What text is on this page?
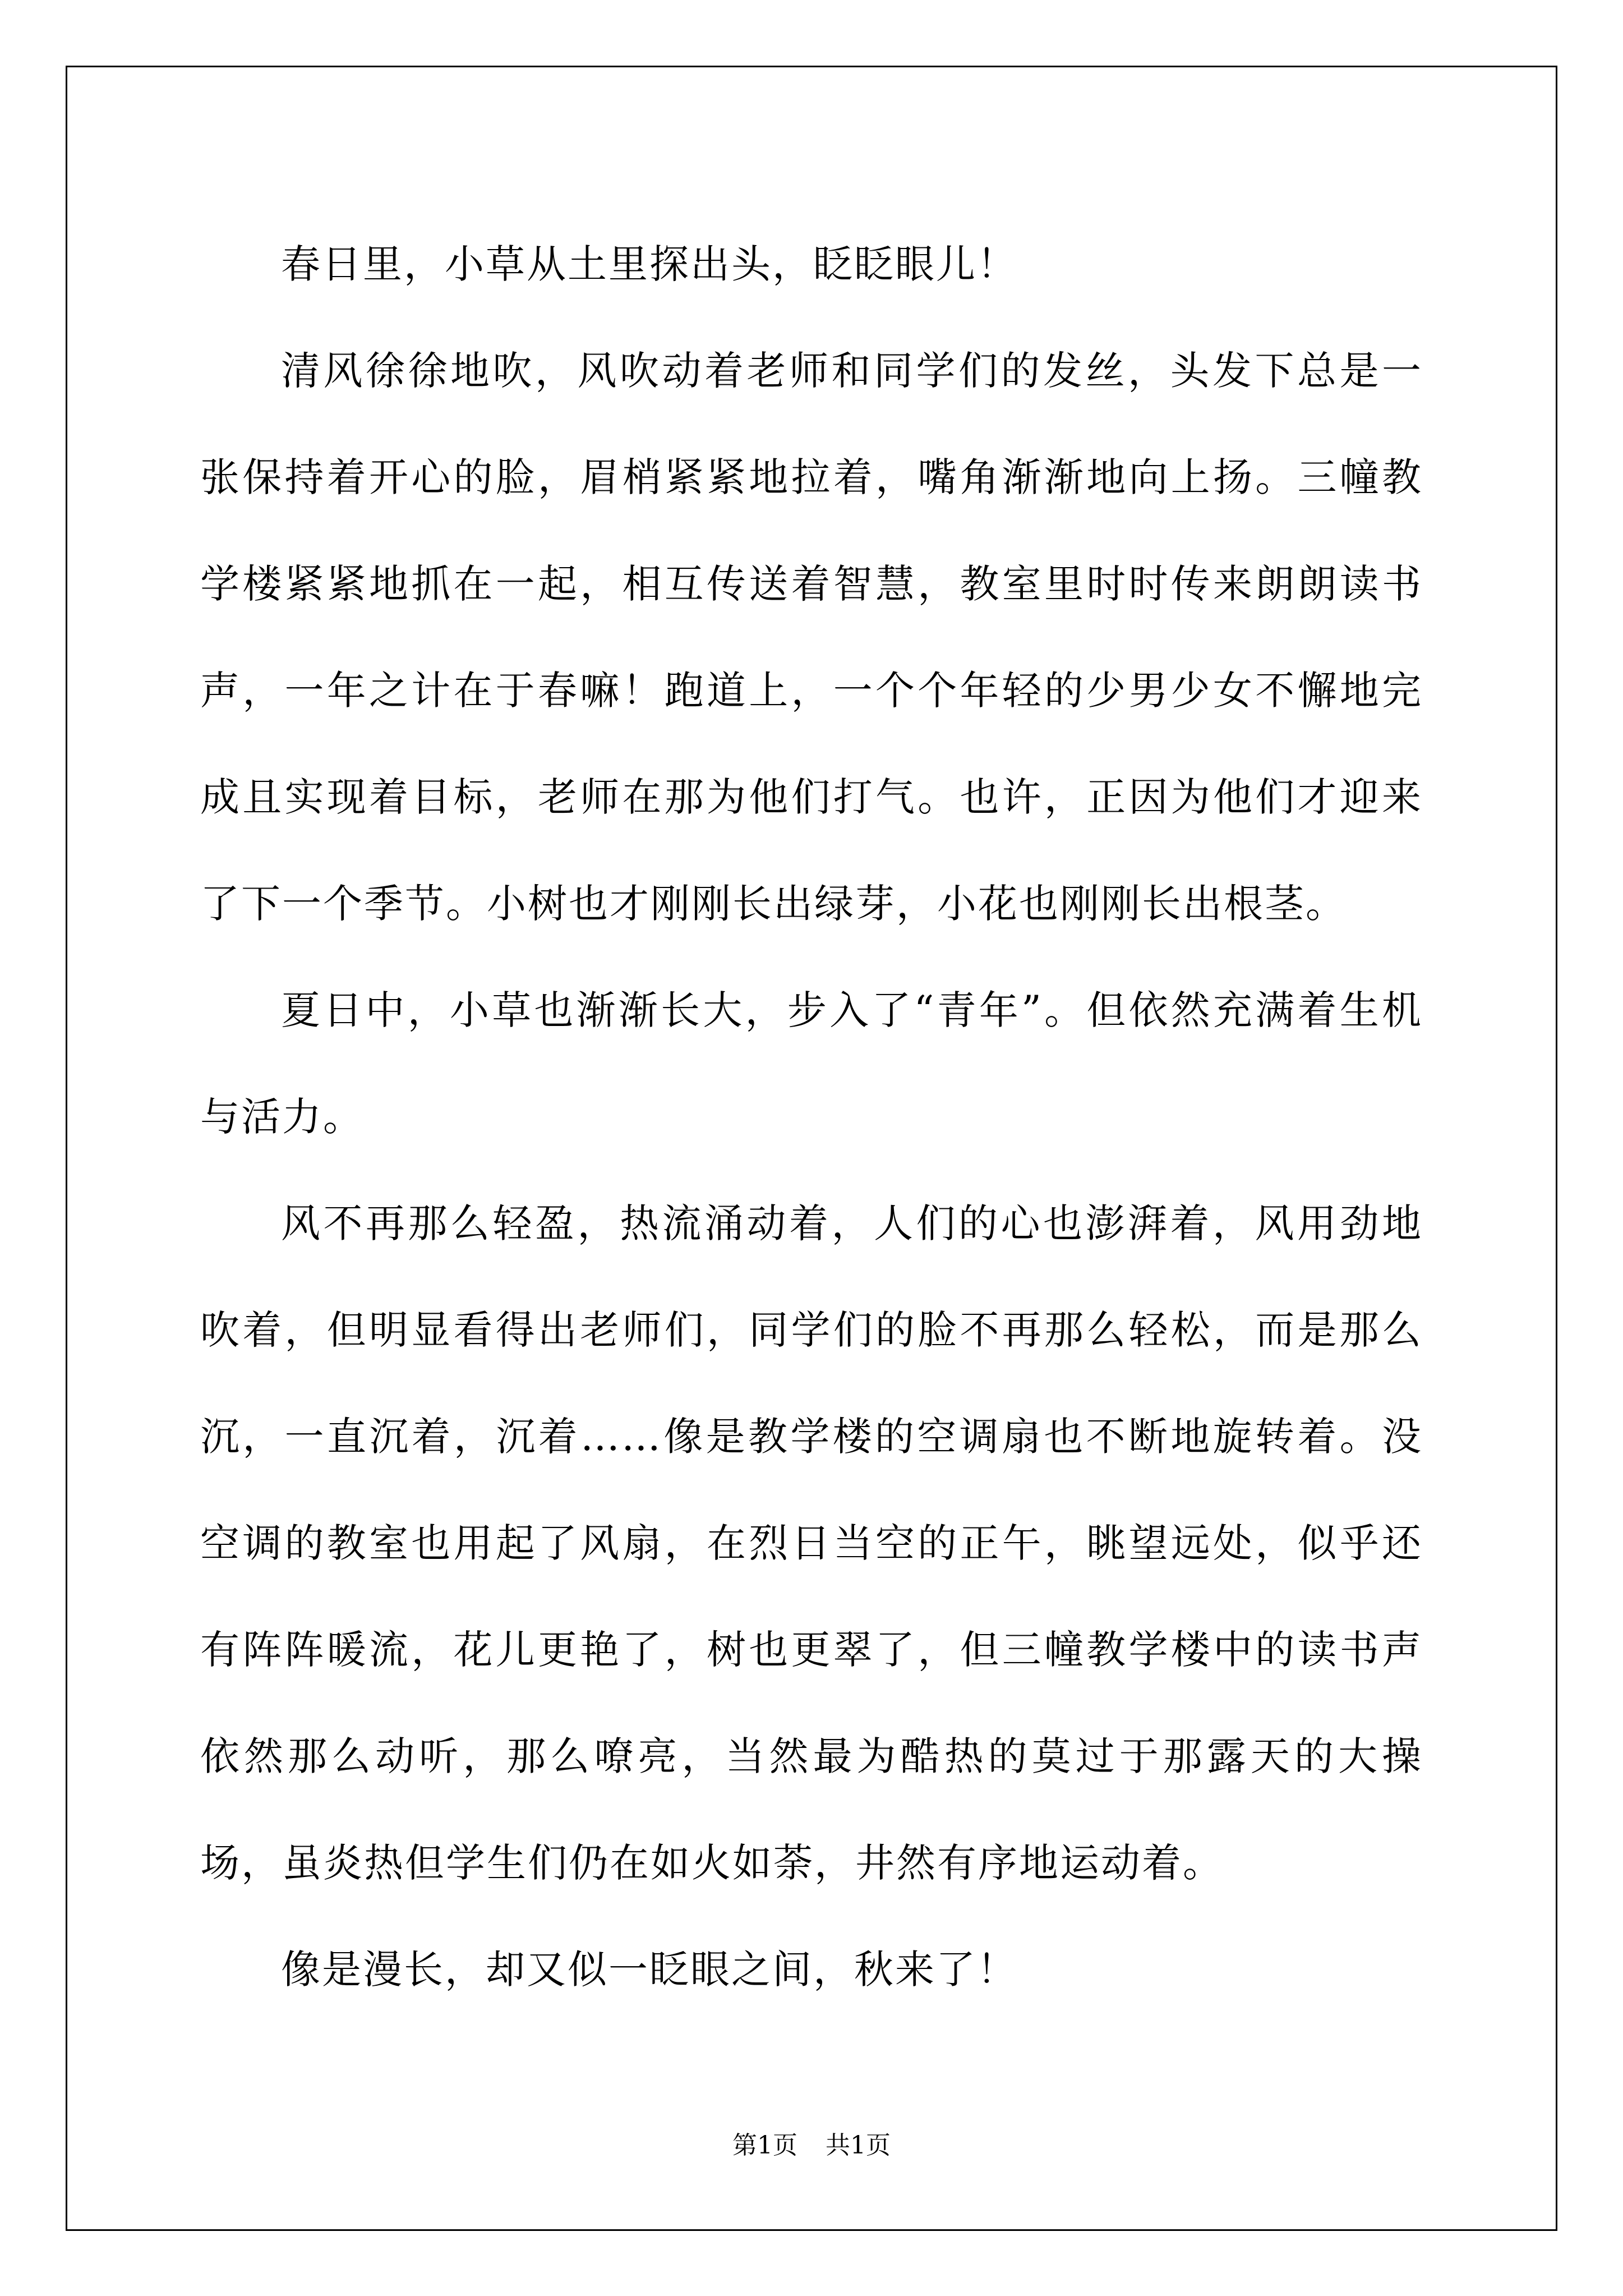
春日里，小草从土里探出头，眨眨眼儿！

清风徐徐地吹，风吹动着老师和同学们的发丝，头发下总是一张保持着开心的脸，眉梢紧紧地拉着，嘴角渐渐地向上扬。三幢教学楼紧紧地抓在一起，相互传送着智慧，教室里时时传来朗朗读书声，一年之计在于春嘛！跑道上，一个个年轻的少男少女不懈地完成且实现着目标，老师在那为他们打气。也许，正因为他们才迎来了下一个季节。小树也才刚刚长出绿芽，小花也刚刚长出根茎。

夏日中，小草也渐渐长大，步入了“青年”。但依然充满着生机与活力。

风不再那么轻盈，热流涌动着，人们的心也澎湃着，风用劲地吹着，但明显看得出老师们，同学们的脸不再那么轻松，而是那么沉，一直沉着，沉着……像是教学楼的空调扇也不断地旋转着。没空调的教室也用起了风扇，在烈日当空的正午，眺望远处，似乎还有阵阵暖流，花儿更艳了，树也更翠了，但三幢教学楼中的读书声依然那么动听，那么嘹亮，当然最为酷热的莫过于那露天的大操场，虽炎热但学生们仍在如火如荼，井然有序地运动着。

像是漫长，却又似一眨眼之间，秋来了！

第1页 共1页
